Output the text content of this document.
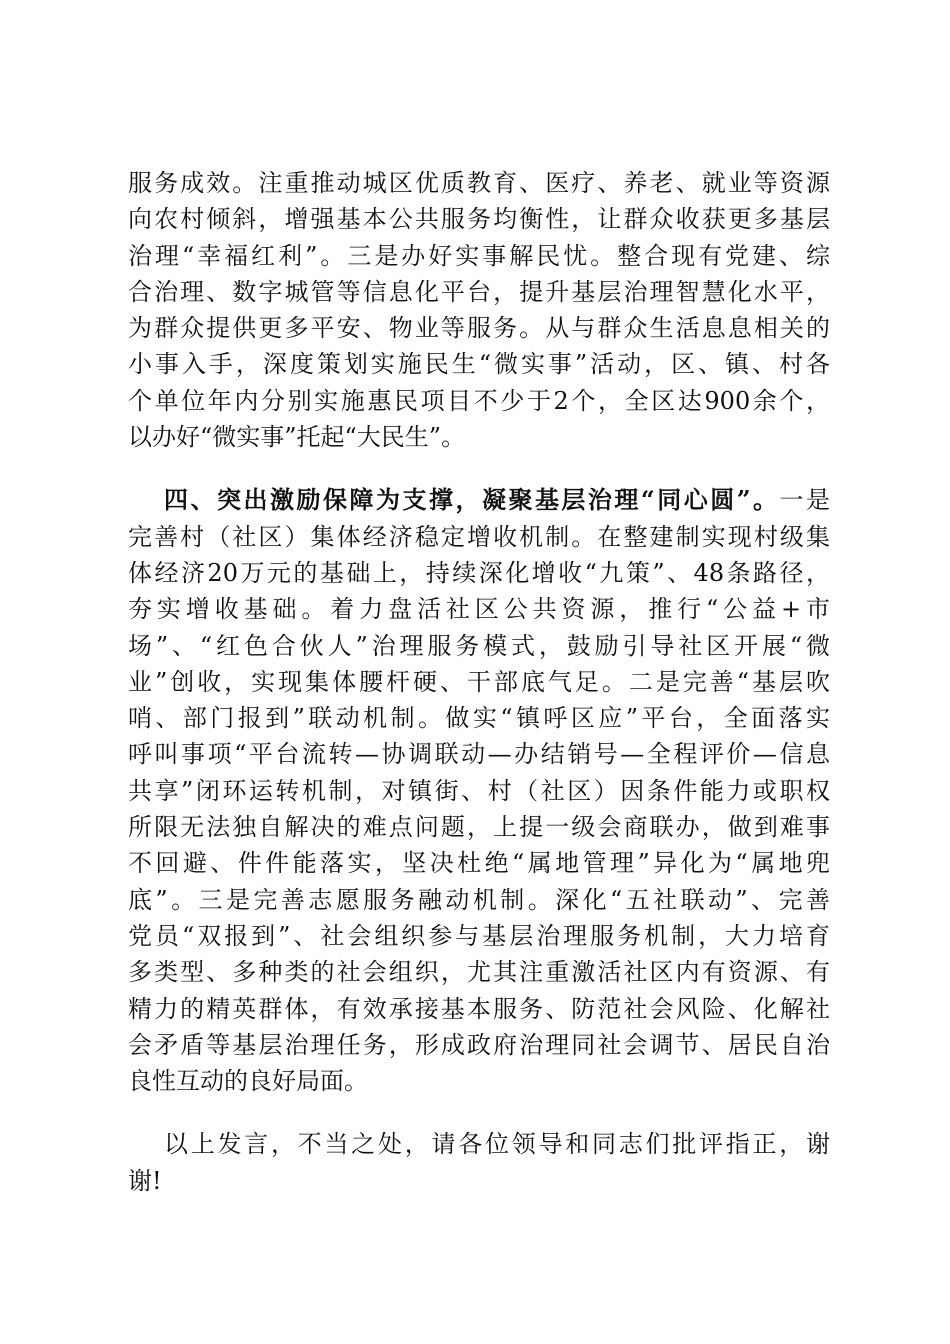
服务成效。注重推动城区优质教育、医疗、养老、就业等资源
向农村倾斜，增强基本公共服务均衡性，让群众收获更多基层
治理“幸福红利”。三是办好实事解民忧。整合现有党建、综
合治理、数字城管等信息化平台，提升基层治理智慧化水平，
为群众提供更多平安、物业等服务。从与群众生活息息相关的
小事入手，深度策划实施民生“微实事”活动，区、镇、村各
个单位年内分别实施惠民项目不少于2个，全区达900余个，
以办好“微实事”托起“大民生”。
四、突出激励保障为支撑，凝聚基层治理“同心圆”。一是
完善村（社区）集体经济稳定增收机制。在整建制实现村级集
体经济20万元的基础上，持续深化增收“九策”、48条路径，
夯实增收基础。着力盘活社区公共资源，推行“公益+市
场”、“红色合伙人”治理服务模式，鼓励引导社区开展“微
业”创收，实现集体腰杆硬、干部底气足。二是完善“基层吹
哨、部门报到”联动机制。做实“镇呼区应”平台，全面落实
呼叫事项“平台流转—协调联动—办结销号—全程评价—信息
共享”闭环运转机制，对镇街、村（社区）因条件能力或职权
所限无法独自解决的难点问题，上提一级会商联办，做到难事
不回避、件件能落实，坚决杜绝“属地管理”异化为“属地兜
底”。三是完善志愿服务融动机制。深化“五社联动”、完善
党员“双报到”、社会组织参与基层治理服务机制，大力培育
多类型、多种类的社会组织，尤其注重激活社区内有资源、有
精力的精英群体，有效承接基本服务、防范社会风险、化解社
会矛盾等基层治理任务，形成政府治理同社会调节、居民自治
良性互动的良好局面。
以上发言，不当之处，请各位领导和同志们批评指正，谢
谢!
